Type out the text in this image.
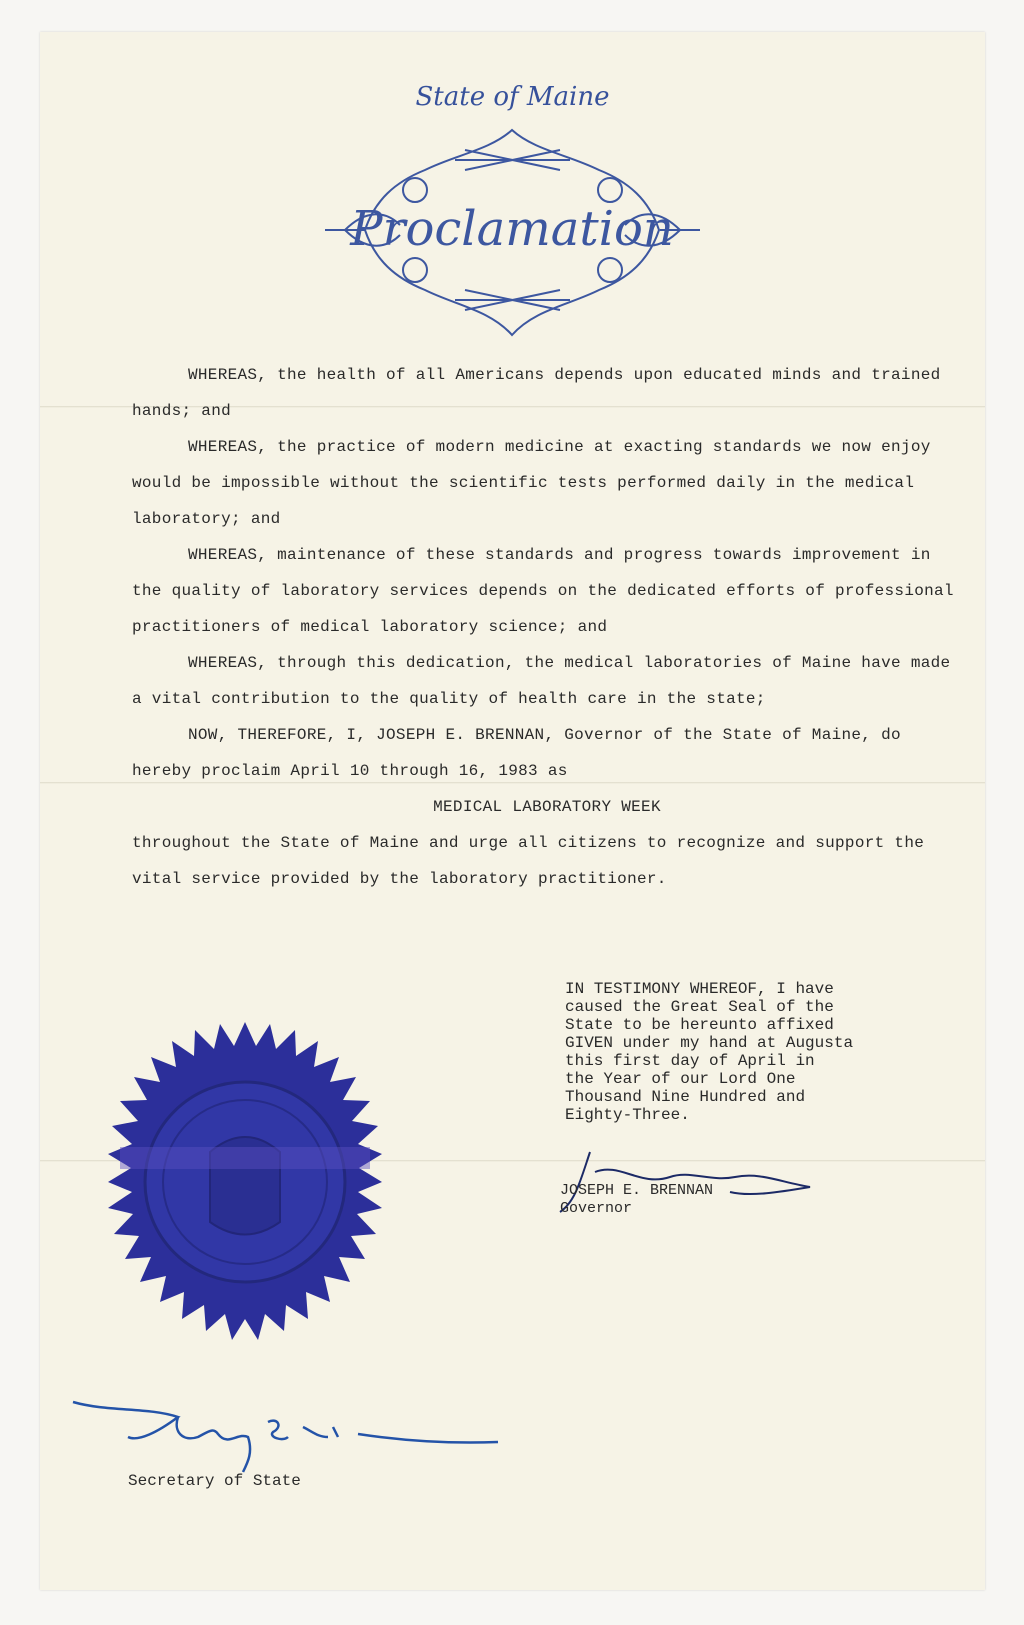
State of Maine
Proclamation

WHEREAS, the health of all Americans depends upon educated minds and trained hands; and

WHEREAS, the practice of modern medicine at exacting standards we now enjoy would be impossible without the scientific tests performed daily in the medical laboratory; and

WHEREAS, maintenance of these standards and progress towards improvement in the quality of laboratory services depends on the dedicated efforts of professional practitioners of medical laboratory science; and

WHEREAS, through this dedication, the medical laboratories of Maine have made a vital contribution to the quality of health care in the state;

NOW, THEREFORE, I, JOSEPH E. BRENNAN, Governor of the State of Maine, do hereby proclaim April 10 through 16, 1983 as

MEDICAL LABORATORY WEEK

throughout the State of Maine and urge all citizens to recognize and support the vital service provided by the laboratory practitioner.

IN TESTIMONY WHEREOF, I have
caused the Great Seal of the
State to be hereunto affixed
GIVEN under my hand at Augusta
this first day of April in
the Year of our Lord One
Thousand Nine Hundred and
Eighty-Three.
JOSEPH E. BRENNAN
Governor
Secretary of State
